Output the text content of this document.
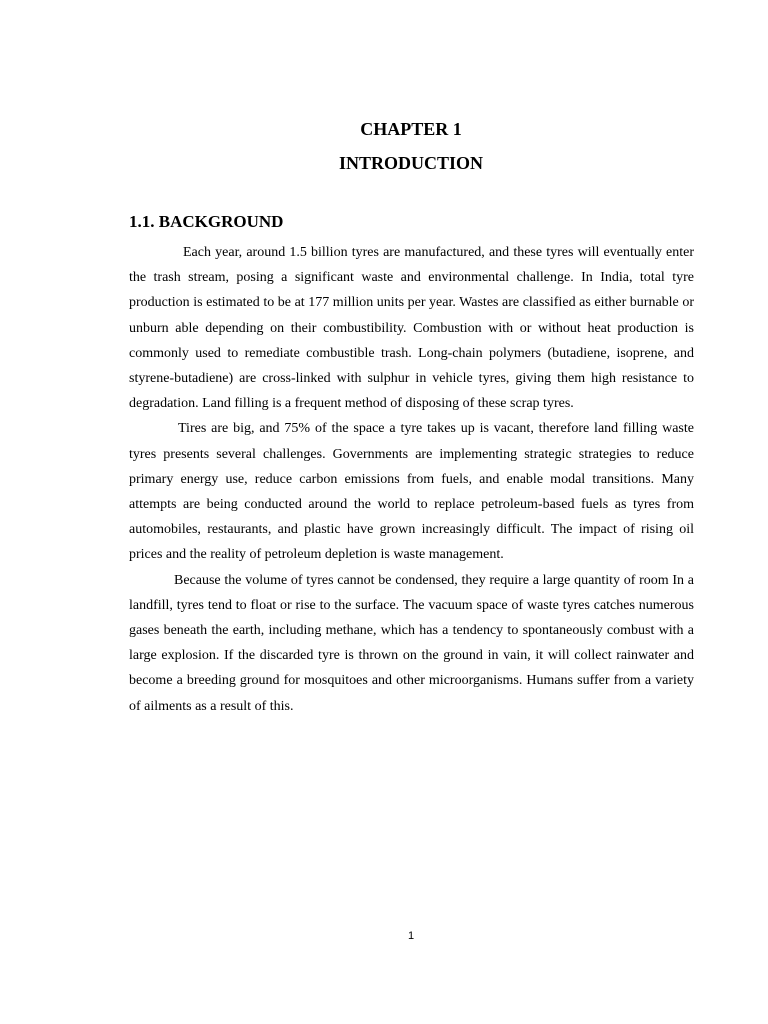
CHAPTER 1
INTRODUCTION
1.1. BACKGROUND

Each year, around 1.5 billion tyres are manufactured, and these tyres will eventually enter the trash stream, posing a significant waste and environmental challenge. In India, total tyre production is estimated to be at 177 million units per year. Wastes are classified as either burnable or unburn able depending on their combustibility. Combustion with or without heat production is commonly used to remediate combustible trash. Long-chain polymers (butadiene, isoprene, and styrene-butadiene) are cross-linked with sulphur in vehicle tyres, giving them high resistance to degradation. Land filling is a frequent method of disposing of these scrap tyres.

Tires are big, and 75% of the space a tyre takes up is vacant, therefore land filling waste tyres presents several challenges. Governments are implementing strategic strategies to reduce primary energy use, reduce carbon emissions from fuels, and enable modal transitions. Many attempts are being conducted around the world to replace petroleum-based fuels as tyres from automobiles, restaurants, and plastic have grown increasingly difficult. The impact of rising oil prices and the reality of petroleum depletion is waste management.

Because the volume of tyres cannot be condensed, they require a large quantity of room In a landfill, tyres tend to float or rise to the surface. The vacuum space of waste tyres catches numerous gases beneath the earth, including methane, which has a tendency to spontaneously combust with a large explosion. If the discarded tyre is thrown on the ground in vain, it will collect rainwater and become a breeding ground for mosquitoes and other microorganisms. Humans suffer from a variety of ailments as a result of this.

1
